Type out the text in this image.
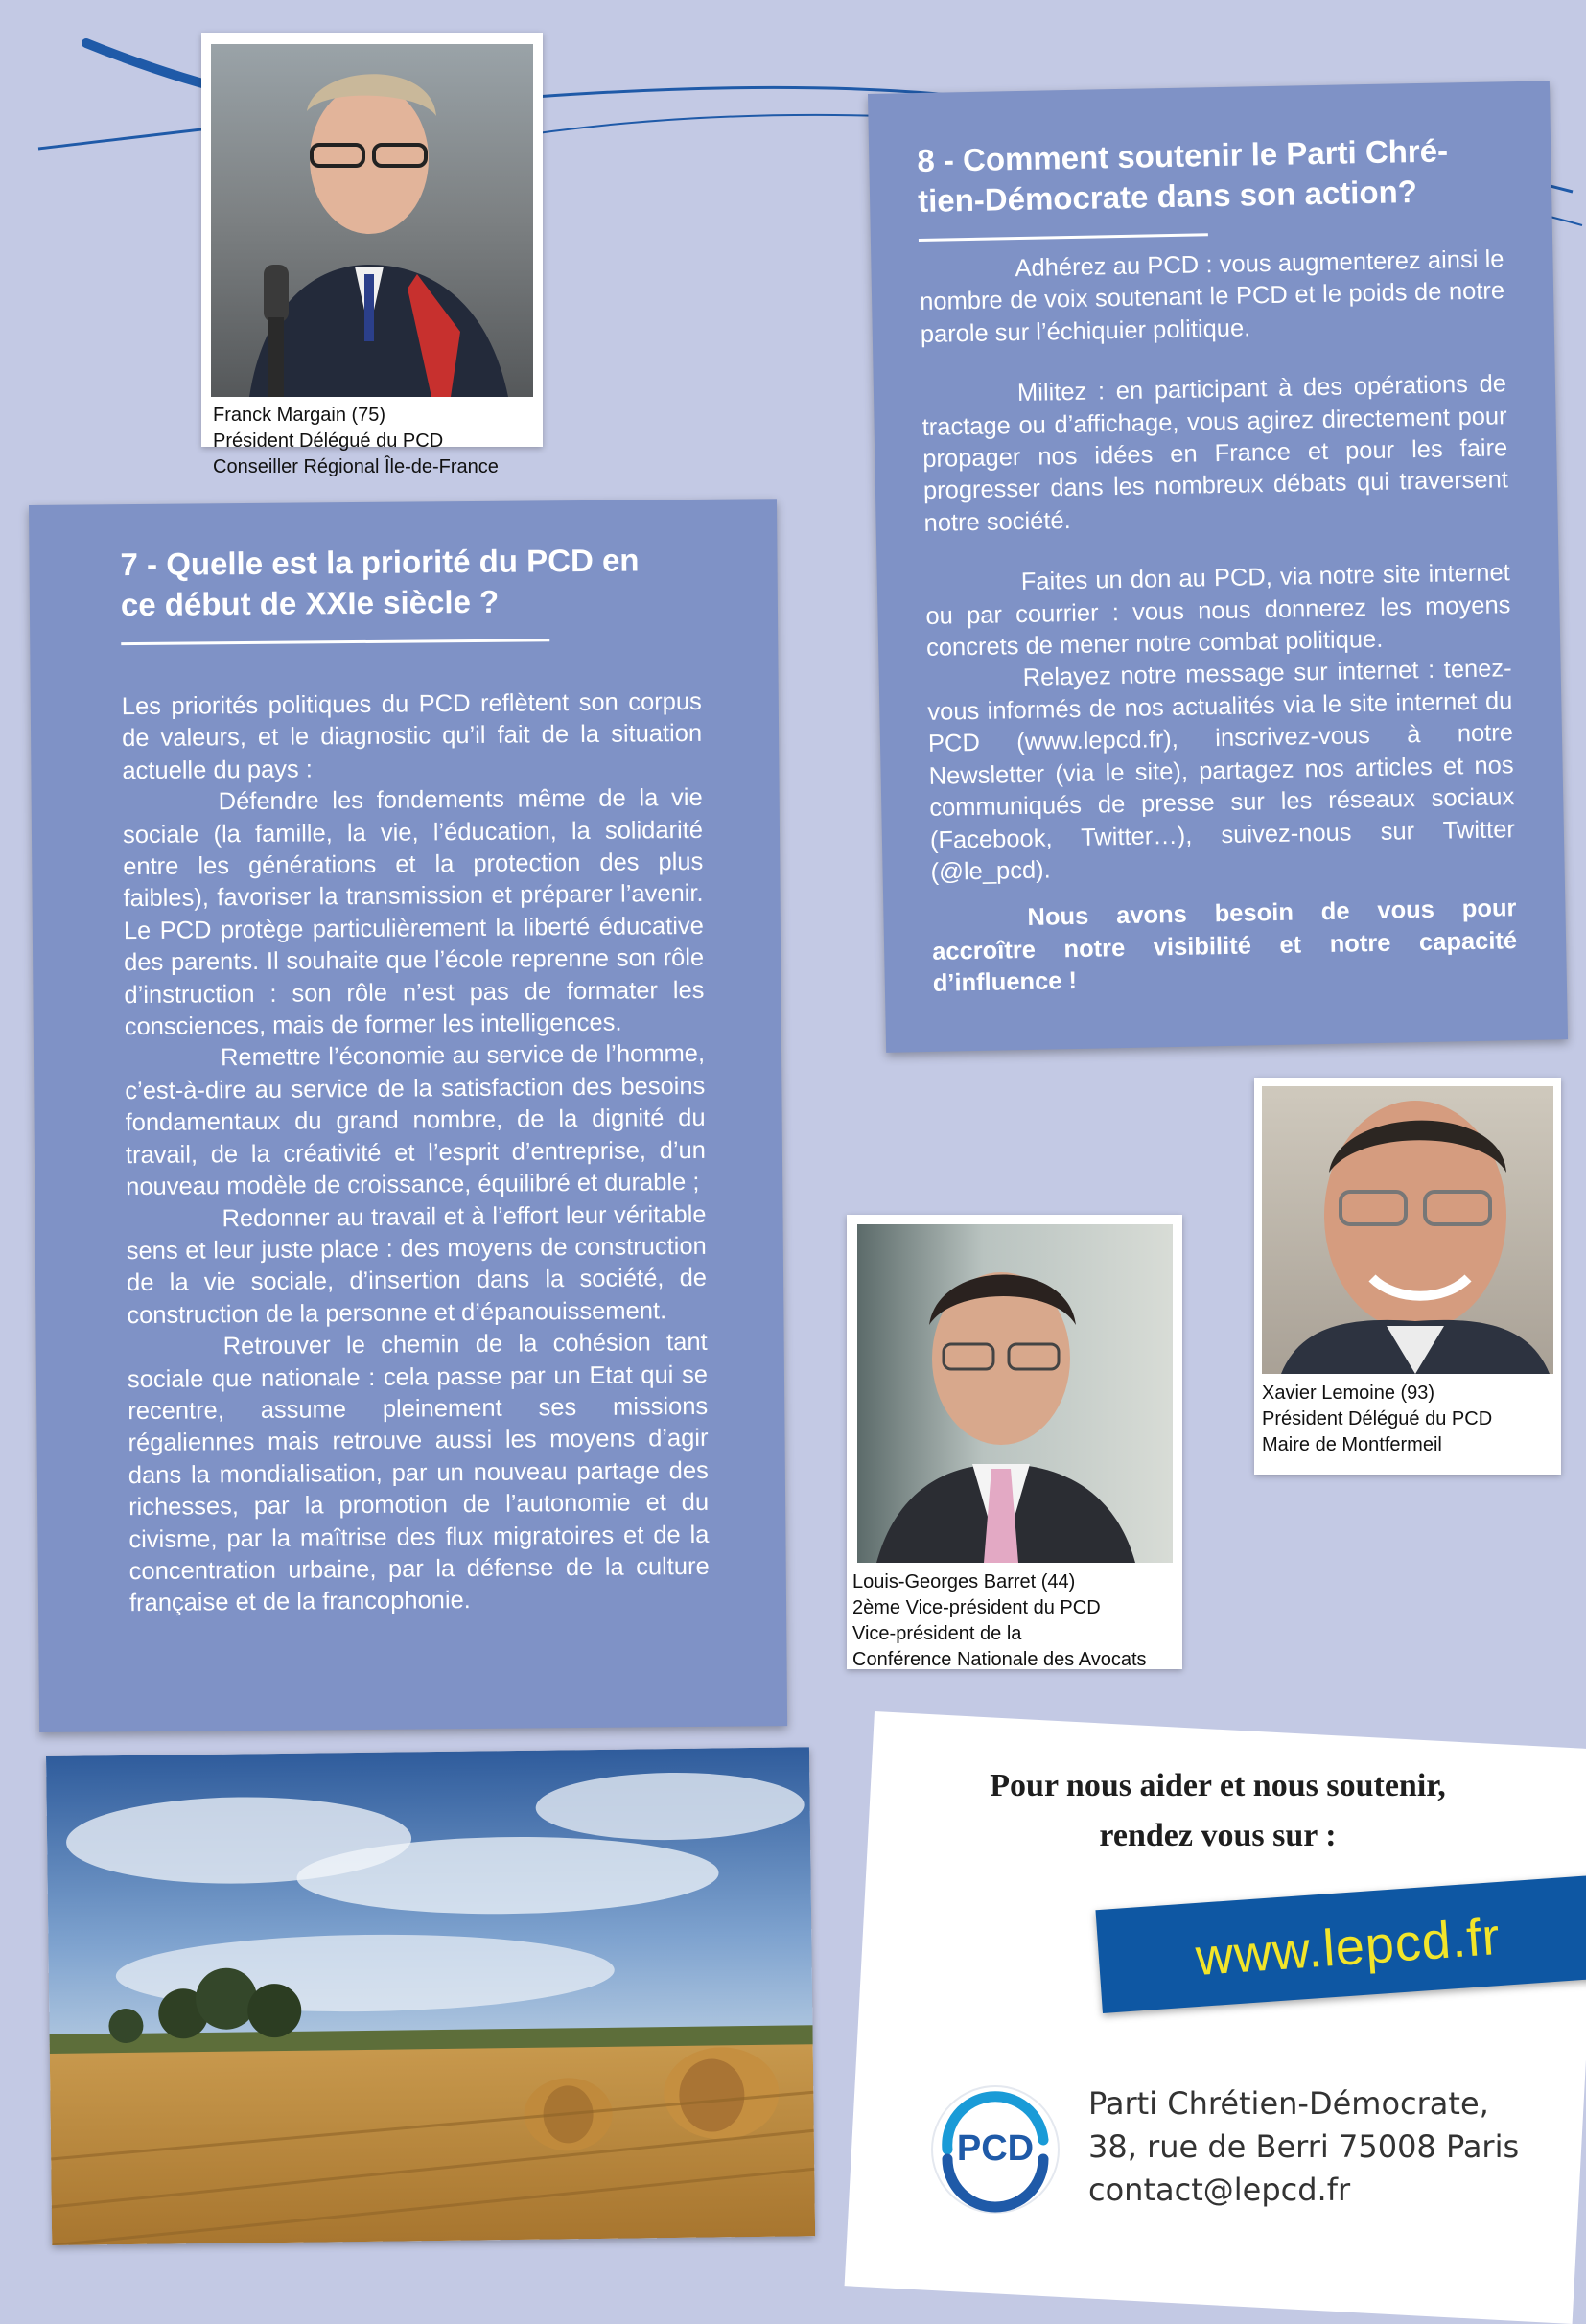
Franck Margain (75)
Président Délégué du PCD
Conseiller Régional Île-de-France
8 - Comment soutenir le Parti Chré-
tien-Démocrate dans son action?

Adhérez au PCD : vous augmenterez ainsi le nombre de voix soutenant le PCD et le poids de notre parole sur l’échiquier politique.

Militez : en participant à des opérations de tractage ou d’affichage, vous agirez directement pour propager nos idées en France et pour les faire progresser dans les nombreux débats qui traversent notre société.

Faites un don au PCD, via notre site internet ou par courrier : vous nous donnerez les moyens concrets de mener notre combat politique.

Relayez notre message sur internet : tenez-vous informés de nos actualités via le site internet du PCD (www.lepcd.fr), inscrivez-vous à notre Newsletter (via le site), partagez nos articles et nos communiqués de presse sur les réseaux sociaux (Facebook, Twitter…), suivez-nous sur Twitter (@le_pcd).

Nous avons besoin de vous pour accroître notre visibilité et notre capacité d’influence !

7 - Quelle est la priorité du PCD en
ce début de XXIe siècle ?

Les priorités politiques du PCD reflètent son corpus de valeurs, et le diagnostic qu’il fait de la situation actuelle du pays :

Défendre les fondements même de la vie sociale (la famille, la vie, l’éducation, la solidarité entre les générations et la protection des plus faibles), favoriser la transmission et préparer l’avenir. Le PCD protège particulièrement la liberté éducative des parents. Il souhaite que l’école reprenne son rôle d’instruction : son rôle n’est pas de formater les consciences, mais de former les intelligences.

Remettre l’économie au service de l’homme, c’est-à-dire au service de la satisfaction des besoins fondamentaux du grand nombre, de la dignité du travail, de la créativité et l’esprit d’entreprise, d’un nouveau modèle de croissance, équilibré et durable ;

Redonner au travail et à l’effort leur véritable sens et leur juste place : des moyens de construction de la vie sociale, d’insertion dans la société, de construction de la personne et d’épanouissement.

Retrouver le chemin de la cohésion tant sociale que nationale : cela passe par un Etat qui se recentre, assume pleinement ses missions régaliennes mais retrouve aussi les moyens d’agir dans la mondialisation, par un nouveau partage des richesses, par la promotion de l’autonomie et du civisme, par la maîtrise des flux migratoires et de la concentration urbaine, par la défense de la culture française et de la francophonie.

Xavier Lemoine (93)
Président Délégué du PCD
Maire de Montfermeil
Louis-Georges Barret (44)
2ème Vice-président du PCD
Vice-président de la
Conférence Nationale des Avocats
Pour nous aider et nous soutenir,
rendez vous sur :
www.lepcd.fr
PCD
Parti Chrétien-Démocrate,
38, rue de Berri 75008 Paris
contact@lepcd.fr
